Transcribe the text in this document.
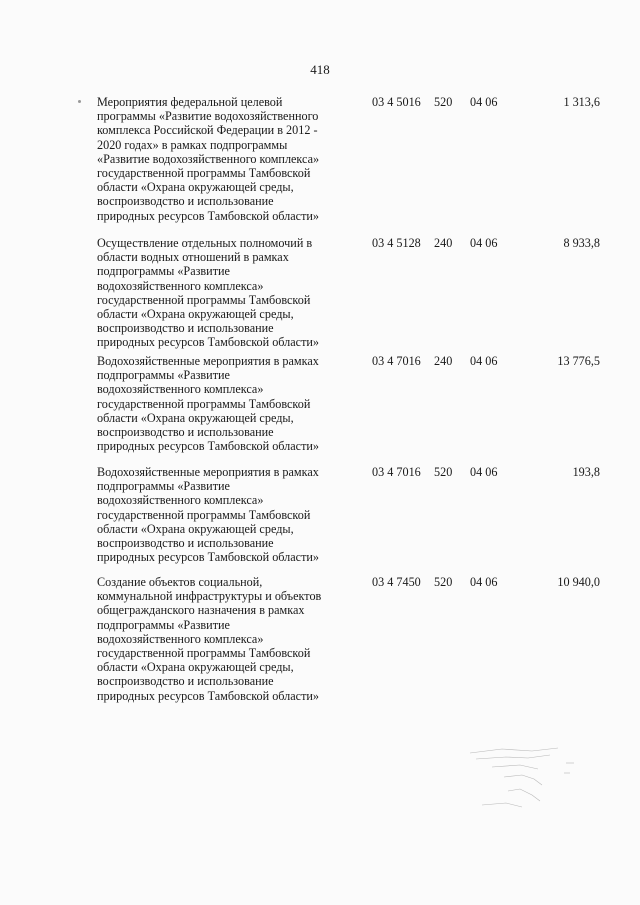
418
Мероприятия федеральной целевой
программы «Развитие водохозяйственного
комплекса Российской Федерации в 2012 -
2020 годах» в рамках подпрограммы
«Развитие водохозяйственного комплекса»
государственной программы Тамбовской
области «Охрана окружающей среды,
воспроизводство и использование
природных ресурсов Тамбовской области»
03 4 5016 520 04 06	1 313,6
Осуществление отдельных полномочий в
области водных отношений в рамках
подпрограммы «Развитие
водохозяйственного комплекса»
государственной программы Тамбовской
области «Охрана окружающей среды,
воспроизводство и использование
природных ресурсов Тамбовской области»
03 4 5128 240 04 06	8 933,8
Водохозяйственные мероприятия в рамках
подпрограммы «Развитие
водохозяйственного комплекса»
государственной программы Тамбовской
области «Охрана окружающей среды,
воспроизводство и использование
природных ресурсов Тамбовской области»
03 4 7016 240 04 06	13 776,5
Водохозяйственные мероприятия в рамках
подпрограммы «Развитие
водохозяйственного комплекса»
государственной программы Тамбовской
области «Охрана окружающей среды,
воспроизводство и использование
природных ресурсов Тамбовской области»
03 4 7016 520 04 06	193,8
Создание объектов социальной,
коммунальной инфраструктуры и объектов
общегражданского назначения в рамках
подпрограммы «Развитие
водохозяйственного комплекса»
государственной программы Тамбовской
области «Охрана окружающей среды,
воспроизводство и использование
природных ресурсов Тамбовской области»
03 4 7450 520 04 06	10 940,0
